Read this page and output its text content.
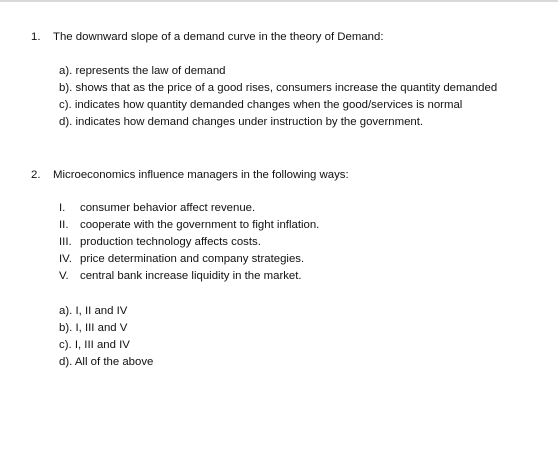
1. The downward slope of a demand curve in the theory of Demand:
a). represents the law of demand
b). shows that as the price of a good rises, consumers increase the quantity demanded
c). indicates how quantity demanded changes when the good/services is normal
d). indicates how demand changes under instruction by the government.
2. Microeconomics influence managers in the following ways:
I. consumer behavior affect revenue.
II. cooperate with the government to fight inflation.
III. production technology affects costs.
IV. price determination and company strategies.
V. central bank increase liquidity in the market.
a). I, II and IV
b). I, III and V
c). I, III and IV
d). All of the above
